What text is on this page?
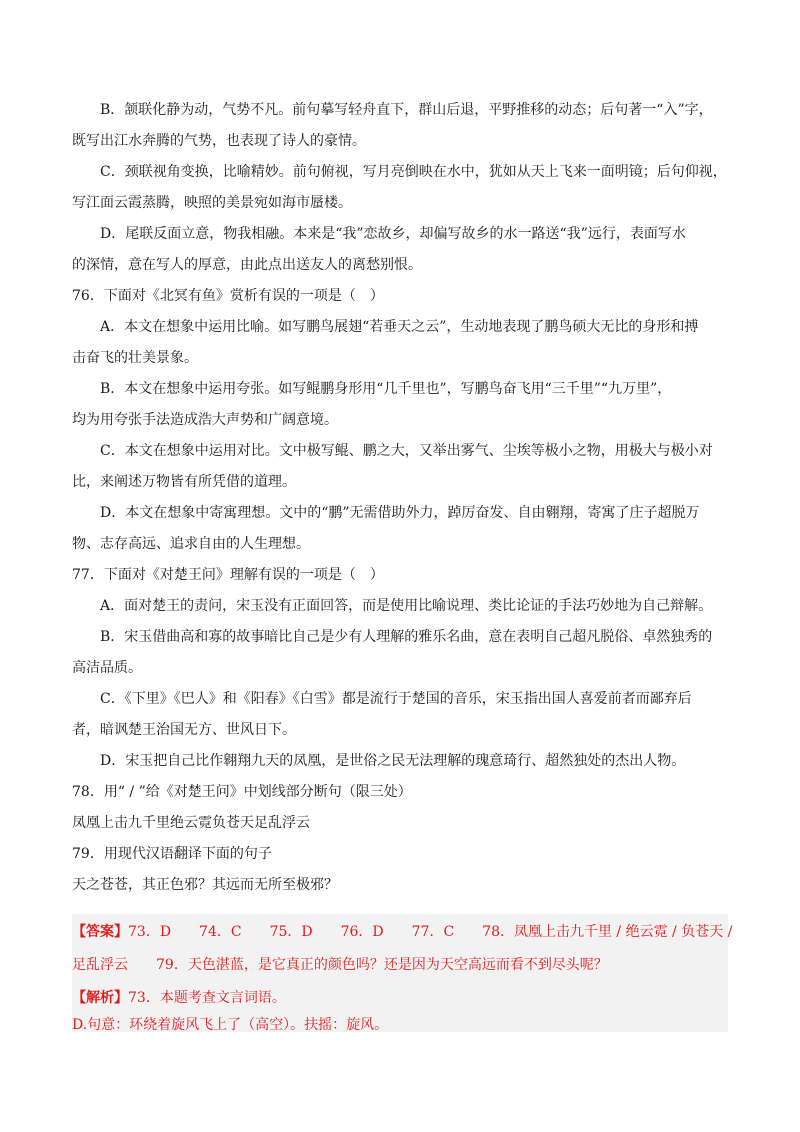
B．颔联化静为动，气势不凡。前句摹写轻舟直下，群山后退，平野推移的动态；后句著一“入”字，
既写出江水奔腾的气势，也表现了诗人的豪情。
C．颈联视角变换，比喻精妙。前句俯视，写月亮倒映在水中，犹如从天上飞来一面明镜；后句仰视，
写江面云霞蒸腾，映照的美景宛如海市蜃楼。
D．尾联反面立意，物我相融。本来是“我”恋故乡，却偏写故乡的水一路送“我”远行，表面写水
的深情，意在写人的厚意，由此点出送友人的离愁别恨。
76．下面对《北冥有鱼》赏析有误的一项是（　）
A．本文在想象中运用比喻。如写鹏鸟展翅“若垂天之云”，生动地表现了鹏鸟硕大无比的身形和搏
击奋飞的壮美景象。
B．本文在想象中运用夸张。如写鲲鹏身形用“几千里也”，写鹏鸟奋飞用“三千里”“九万里”，
均为用夸张手法造成浩大声势和广阔意境。
C．本文在想象中运用对比。文中极写鲲、鹏之大，又举出雾气、尘埃等极小之物，用极大与极小对
比，来阐述万物皆有所凭借的道理。
D．本文在想象中寄寓理想。文中的“鹏”无需借助外力，踔厉奋发、自由翱翔，寄寓了庄子超脱万
物、志存高远、追求自由的人生理想。
77．下面对《对楚王问》理解有误的一项是（　）
A．面对楚王的责问，宋玉没有正面回答，而是使用比喻说理、类比论证的手法巧妙地为自己辩解。
B．宋玉借曲高和寡的故事暗比自己是少有人理解的雅乐名曲，意在表明自己超凡脱俗、卓然独秀的
高洁品质。
C．《下里》《巴人》和《阳春》《白雪》都是流行于楚国的音乐，宋玉指出国人喜爱前者而鄙弃后
者，暗讽楚王治国无方、世风日下。
D．宋玉把自己比作翱翔九天的凤凰，是世俗之民无法理解的瑰意琦行、超然独处的杰出人物。
78．用“ / ”给《对楚王问》中划线部分断句（限三处）
凤凰上击九千里绝云霓负苍天足乱浮云
79．用现代汉语翻译下面的句子
天之苍苍，其正色邪？其远而无所至极邪？
【答案】73．D　　74．C　　75．D　　76．D　　77．C　　78．凤凰上击九千里 / 绝云霓 / 负苍天 /
足乱浮云　　79．天色湛蓝，是它真正的颜色吗？还是因为天空高远而看不到尽头呢？
【解析】73．本题考查文言词语。
D.句意：环绕着旋风飞上了（高空）。扶摇：旋风。
